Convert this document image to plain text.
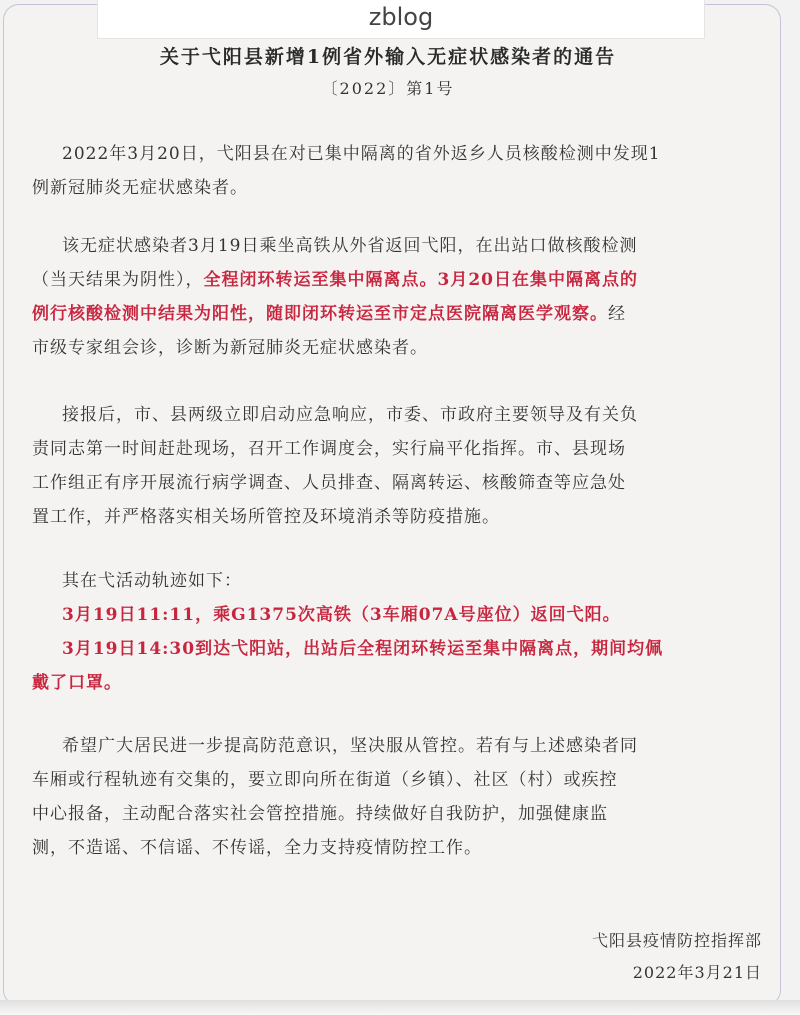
zblog
关于弋阳县新增1例省外输入无症状感染者的通告
〔2022〕第1号
2022年3月20日，弋阳县在对已集中隔离的省外返乡人员核酸检测中发现1
例新冠肺炎无症状感染者。
该无症状感染者3月19日乘坐高铁从外省返回弋阳，在出站口做核酸检测
（当天结果为阴性），全程闭环转运至集中隔离点。3月20日在集中隔离点的
例行核酸检测中结果为阳性，随即闭环转运至市定点医院隔离医学观察。经
市级专家组会诊，诊断为新冠肺炎无症状感染者。
接报后，市、县两级立即启动应急响应，市委、市政府主要领导及有关负
责同志第一时间赶赴现场，召开工作调度会，实行扁平化指挥。市、县现场
工作组正有序开展流行病学调查、人员排查、隔离转运、核酸筛查等应急处
置工作，并严格落实相关场所管控及环境消杀等防疫措施。
其在弋活动轨迹如下：
3月19日11:11，乘G1375次高铁（3车厢07A号座位）返回弋阳。
3月19日14:30到达弋阳站，出站后全程闭环转运至集中隔离点，期间均佩
戴了口罩。
希望广大居民进一步提高防范意识，坚决服从管控。若有与上述感染者同
车厢或行程轨迹有交集的，要立即向所在街道（乡镇）、社区（村）或疾控
中心报备，主动配合落实社会管控措施。持续做好自我防护，加强健康监
测，不造谣、不信谣、不传谣，全力支持疫情防控工作。
弋阳县疫情防控指挥部
2022年3月21日
